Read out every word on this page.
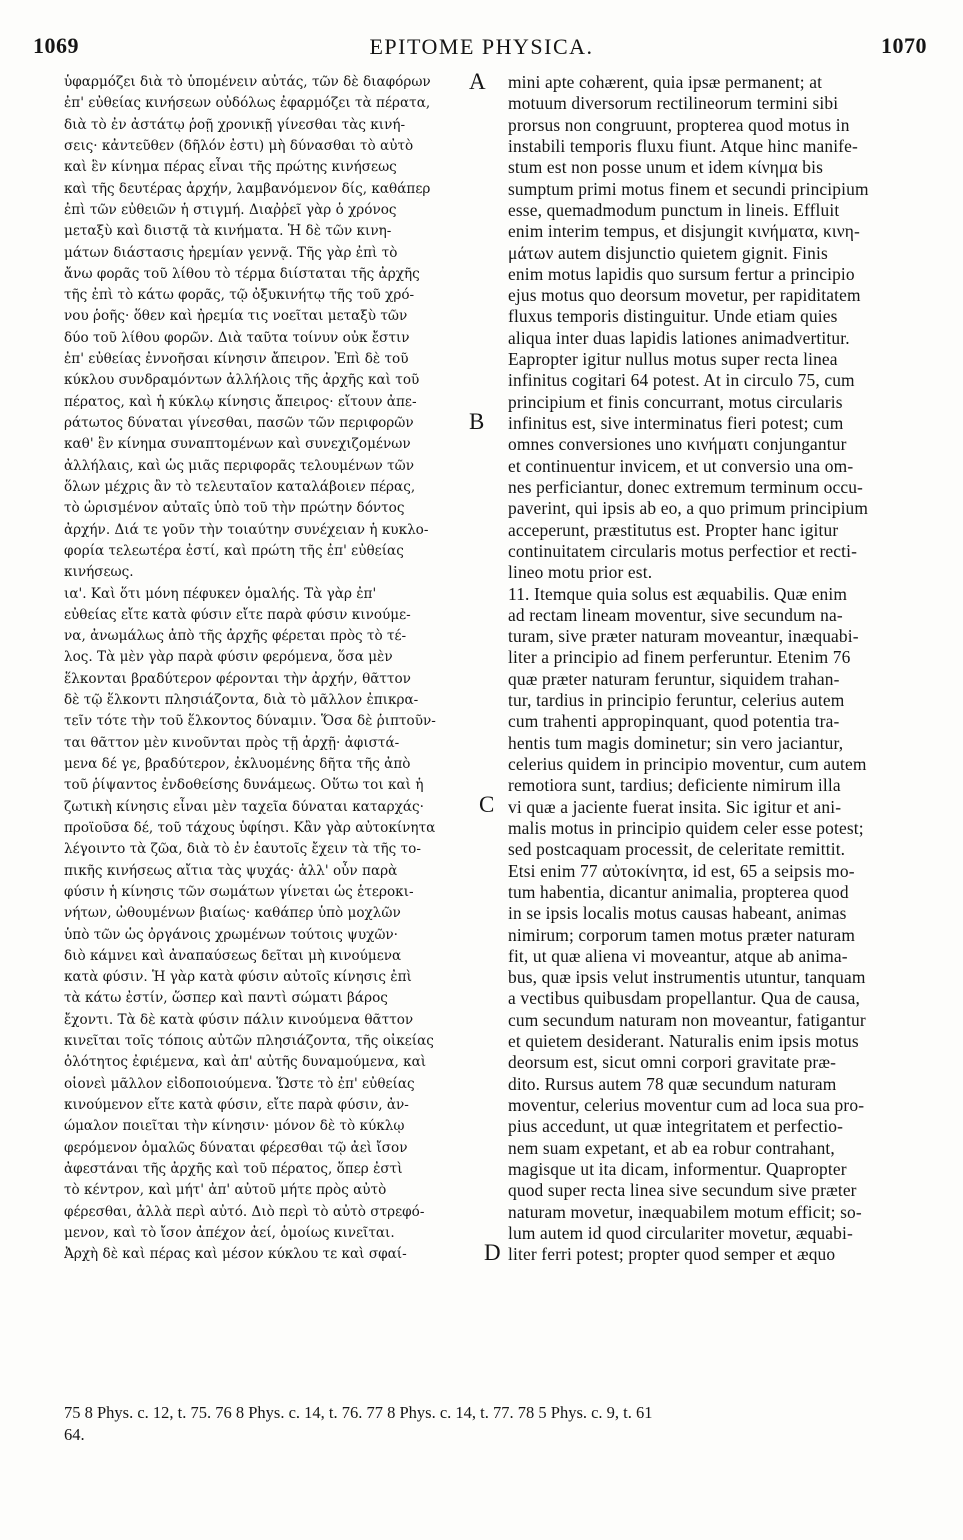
1069	EPITOME PHYSICA.	1070
ὑφαρμόζει διὰ τὸ ὑπομένειν αὐτάς, τῶν δὲ διαφόρων
ἐπ' εὐθείας κινήσεων οὐδόλως ἐφαρμόζει τὰ πέρατα,
διὰ τὸ ἐν ἀστάτῳ ῥοῇ χρονικῇ γίνεσθαι τὰς κινή-
σεις· κἀντεῦθεν (δῆλόν ἐστι) μὴ δύνασθαι τὸ αὐτὸ
καὶ ἓν κίνημα πέρας εἶναι τῆς πρώτης κινήσεως
καὶ τῆς δευτέρας ἀρχήν, λαμβανόμενον δίς, καθάπερ
ἐπὶ τῶν εὐθειῶν ἡ στιγμή. Διαῤῥεῖ γὰρ ὁ χρόνος
μεταξὺ καὶ διιστᾷ τὰ κινήματα. Ἡ δὲ τῶν κινη-
μάτων διάστασις ἠρεμίαν γεννᾷ. Τῆς γὰρ ἐπὶ τὸ
ἄνω φορᾶς τοῦ λίθου τὸ τέρμα διίσταται τῆς ἀρχῆς
τῆς ἐπὶ τὸ κάτω φορᾶς, τῷ ὀξυκινήτῳ τῆς τοῦ χρό-
νου ῥοῆς· ὅθεν καὶ ἠρεμία τις νοεῖται μεταξὺ τῶν
δύο τοῦ λίθου φορῶν. Διὰ ταῦτα τοίνυν οὐκ ἔστιν
ἐπ' εὐθείας ἐννοῆσαι κίνησιν ἄπειρον. Ἐπὶ δὲ τοῦ
κύκλου συνδραμόντων ἀλλήλοις τῆς ἀρχῆς καὶ τοῦ
πέρατος, καὶ ἡ κύκλῳ κίνησις ἄπειρος· εἴτουν ἀπε-
ράτωτος δύναται γίνεσθαι, πασῶν τῶν περιφορῶν
καθ' ἓν κίνημα συναπτομένων καὶ συνεχιζομένων
ἀλλήλαις, καὶ ὡς μιᾶς περιφορᾶς τελουμένων τῶν
ὅλων μέχρις ἂν τὸ τελευταῖον καταλάβοιεν πέρας,
τὸ ὡρισμένον αὐταῖς ὑπὸ τοῦ τὴν πρώτην δόντος
ἀρχήν. Διά τε γοῦν τὴν τοιαύτην συνέχειαν ἡ κυκλο-
φορία τελεωτέρα ἐστί, καὶ πρώτη τῆς ἐπ' εὐθείας
κινήσεως.
ια'. Καὶ ὅτι μόνη πέφυκεν ὁμαλής. Τὰ γὰρ ἐπ'
εὐθείας εἴτε κατὰ φύσιν εἴτε παρὰ φύσιν κινούμε-
να, ἀνωμάλως ἀπὸ τῆς ἀρχῆς φέρεται πρὸς τὸ τέ-
λος. Τὰ μὲν γὰρ παρὰ φύσιν φερόμενα, ὅσα μὲν
ἕλκονται βραδύτερον φέρονται τὴν ἀρχήν, θᾶττον
δὲ τῷ ἕλκοντι πλησιάζοντα, διὰ τὸ μᾶλλον ἐπικρα-
τεῖν τότε τὴν τοῦ ἕλκοντος δύναμιν. Ὅσα δὲ ῥιπτοῦν-
ται θᾶττον μὲν κινοῦνται πρὸς τῇ ἀρχῇ· ἀφιστά-
μενα δέ γε, βραδύτερον, ἐκλυομένης δῆτα τῆς ἀπὸ
τοῦ ῥίψαντος ἐνδοθείσης δυνάμεως. Οὕτω τοι καὶ ἡ
ζωτικὴ κίνησις εἶναι μὲν ταχεῖα δύναται καταρχάς·
προϊοῦσα δέ, τοῦ τάχους ὑφίησι. Κἂν γὰρ αὐτοκίνητα
λέγοιντο τὰ ζῶα, διὰ τὸ ἐν ἑαυτοῖς ἔχειν τὰ τῆς το-
πικῆς κινήσεως αἴτια τὰς ψυχάς· ἀλλ' οὖν παρὰ
φύσιν ἡ κίνησις τῶν σωμάτων γίνεται ὡς ἑτεροκι-
νήτων, ὠθουμένων βιαίως· καθάπερ ὑπὸ μοχλῶν
ὑπὸ τῶν ὡς ὀργάνοις χρωμένων τούτοις ψυχῶν·
διὸ κάμνει καὶ ἀναπαύσεως δεῖται μὴ κινούμενα
κατὰ φύσιν. Ἡ γὰρ κατὰ φύσιν αὐτοῖς κίνησις ἐπὶ
τὰ κάτω ἐστίν, ὥσπερ καὶ παντὶ σώματι βάρος
ἔχοντι. Τὰ δὲ κατὰ φύσιν πάλιν κινούμενα θᾶττον
κινεῖται τοῖς τόποις αὐτῶν πλησιάζοντα, τῆς οἰκείας
ὁλότητος ἐφιέμενα, καὶ ἀπ' αὐτῆς δυναμούμενα, καὶ
οἱονεὶ μᾶλλον εἰδοποιούμενα. Ὥστε τὸ ἐπ' εὐθείας
κινούμενον εἴτε κατὰ φύσιν, εἴτε παρὰ φύσιν, ἀν-
ώμαλον ποιεῖται τὴν κίνησιν· μόνον δὲ τὸ κύκλῳ
φερόμενον ὁμαλῶς δύναται φέρεσθαι τῷ ἀεὶ ἴσον
ἀφεστάναι τῆς ἀρχῆς καὶ τοῦ πέρατος, ὅπερ ἐστὶ
τὸ κέντρον, καὶ μήτ' ἀπ' αὐτοῦ μήτε πρὸς αὐτὸ
φέρεσθαι, ἀλλὰ περὶ αὐτό. Διὸ περὶ τὸ αὐτὸ στρεφό-
μενον, καὶ τὸ ἴσον ἀπέχον ἀεί, ὁμοίως κινεῖται.
Ἀρχὴ δὲ καὶ πέρας καὶ μέσον κύκλου τε καὶ σφαί-
mini apte cohærent, quia ipsæ permanent; at
motuum diversorum rectilineorum termini sibi
prorsus non congruunt, propterea quod motus in
instabili temporis fluxu fiunt. Atque hinc manife-
stum est non posse unum et idem κίνημα bis
sumptum primi motus finem et secundi principium
esse, quemadmodum punctum in lineis. Effluit
enim interim tempus, et disjungit κινήματα, κινη-
μάτων autem disjunctio quietem gignit. Finis
enim motus lapidis quo sursum fertur a principio
ejus motus quo deorsum movetur, per rapiditatem
fluxus temporis distinguitur. Unde etiam quies
aliqua inter duas lapidis lationes animadvertitur.
Eapropter igitur nullus motus super recta linea
infinitus cogitari 64 potest. At in circulo 75, cum
principium et finis concurrant, motus circularis
infinitus est, sive interminatus fieri potest; cum
omnes conversiones uno κινήματι conjungantur
et continuentur invicem, et ut conversio una om-
nes perficiantur, donec extremum terminum occu-
paverint, qui ipsis ab eo, a quo primum principium
acceperunt, præstitutus est. Propter hanc igitur
continuitatem circularis motus perfectior et recti-
lineo motu prior est.
11. Itemque quia solus est æquabilis. Quæ enim
ad rectam lineam moventur, sive secundum na-
turam, sive præter naturam moveantur, inæquabi-
liter a principio ad finem perferuntur. Etenim 76
quæ præter naturam feruntur, siquidem trahan-
tur, tardius in principio feruntur, celerius autem
cum trahenti appropinquant, quod potentia tra-
hentis tum magis dominetur; sin vero jaciantur,
celerius quidem in principio moventur, cum autem
remotiora sunt, tardius; deficiente nimirum illa
vi quæ a jaciente fuerat insita. Sic igitur et ani-
malis motus in principio quidem celer esse potest;
sed postcaquam processit, de celeritate remittit.
Etsi enim 77 αὐτοκίνητα, id est, 65 a seipsis mo-
tum habentia, dicantur animalia, propterea quod
in se ipsis localis motus causas habeant, animas
nimirum; corporum tamen motus præter naturam
fit, ut quæ aliena vi moveantur, atque ab anima-
bus, quæ ipsis velut instrumentis utuntur, tanquam
a vectibus quibusdam propellantur. Qua de causa,
cum secundum naturam non moveantur, fatigantur
et quietem desiderant. Naturalis enim ipsis motus
deorsum est, sicut omni corpori gravitate præ-
dito. Rursus autem 78 quæ secundum naturam
moventur, celerius moventur cum ad loca sua pro-
pius accedunt, ut quæ integritatem et perfectio-
nem suam expetant, et ab ea robur contrahant,
magisque ut ita dicam, informentur. Quapropter
quod super recta linea sive secundum sive præter
naturam movetur, inæquabilem motum efficit; so-
lum autem id quod circulariter movetur, æquabi-
liter ferri potest; propter quod semper et æquo
A
B
C
D
75 8 Phys. c. 12, t. 75. 76 8 Phys. c. 14, t. 76. 77 8 Phys. c. 14, t. 77. 78 5 Phys. c. 9, t. 61
64.
